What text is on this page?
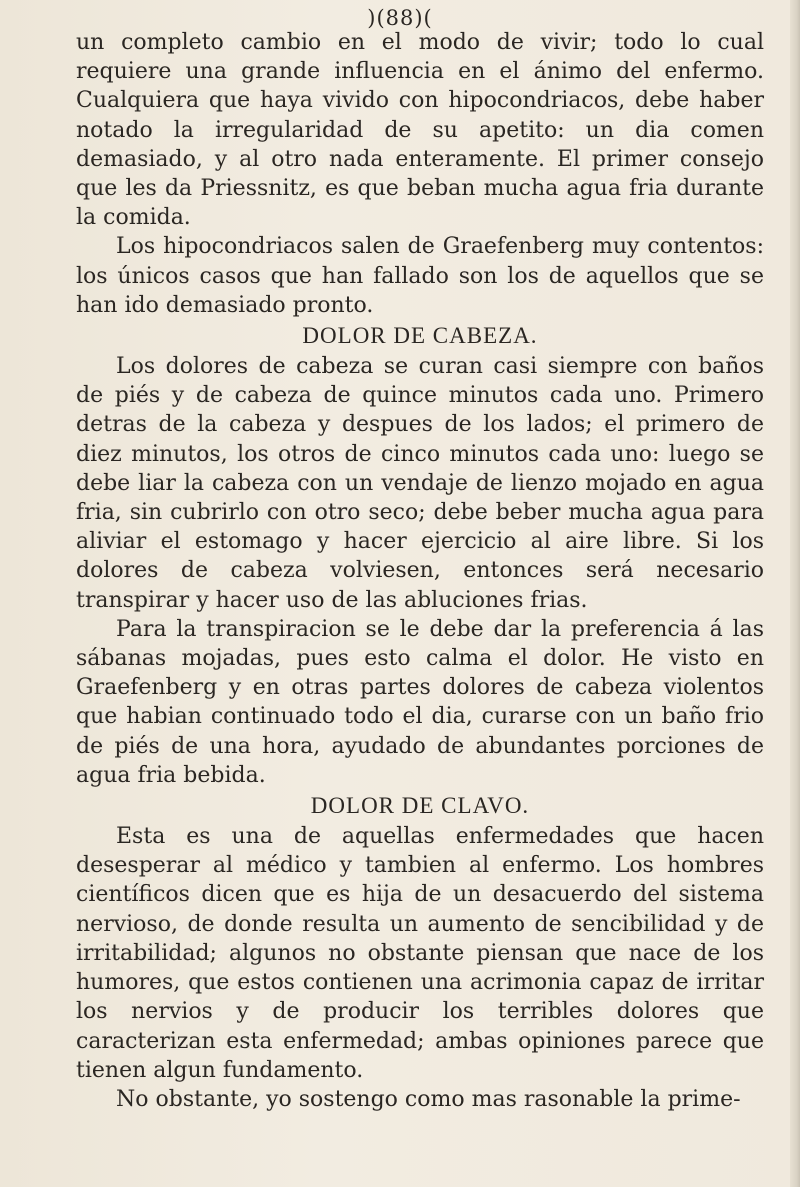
)(88)(

un completo cambio en el modo de vivir; todo lo cual requiere una grande influencia en el ánimo del enfermo. Cualquiera que haya vivido con hipocondriacos, debe haber notado la irregularidad de su apetito: un dia comen demasiado, y al otro nada enteramente. El primer consejo que les da Priessnitz, es que beban mucha agua fria durante la comida.

Los hipocondriacos salen de Graefenberg muy contentos: los únicos casos que han fallado son los de aquellos que se han ido demasiado pronto.

DOLOR DE CABEZA.

Los dolores de cabeza se curan casi siempre con baños de piés y de cabeza de quince minutos cada uno. Primero detras de la cabeza y despues de los lados; el primero de diez minutos, los otros de cinco minutos cada uno: luego se debe liar la cabeza con un vendaje de lienzo mojado en agua fria, sin cubrirlo con otro seco; debe beber mucha agua para aliviar el estomago y hacer ejercicio al aire libre. Si los dolores de cabeza volviesen, entonces será necesario transpirar y hacer uso de las abluciones frias.

Para la transpiracion se le debe dar la preferencia á las sábanas mojadas, pues esto calma el dolor. He visto en Graefenberg y en otras partes dolores de cabeza violentos que habian continuado todo el dia, curarse con un baño frio de piés de una hora, ayudado de abundantes porciones de agua fria bebida.

DOLOR DE CLAVO.

Esta es una de aquellas enfermedades que hacen desesperar al médico y tambien al enfermo. Los hombres científicos dicen que es hija de un desacuerdo del sistema nervioso, de donde resulta un aumento de sencibilidad y de irritabilidad; algunos no obstante piensan que nace de los humores, que estos contienen una acrimonia capaz de irritar los nervios y de producir los terribles dolores que caracterizan esta enfermedad; ambas opiniones parece que tienen algun fundamento.

No obstante, yo sostengo como mas rasonable la prime-
